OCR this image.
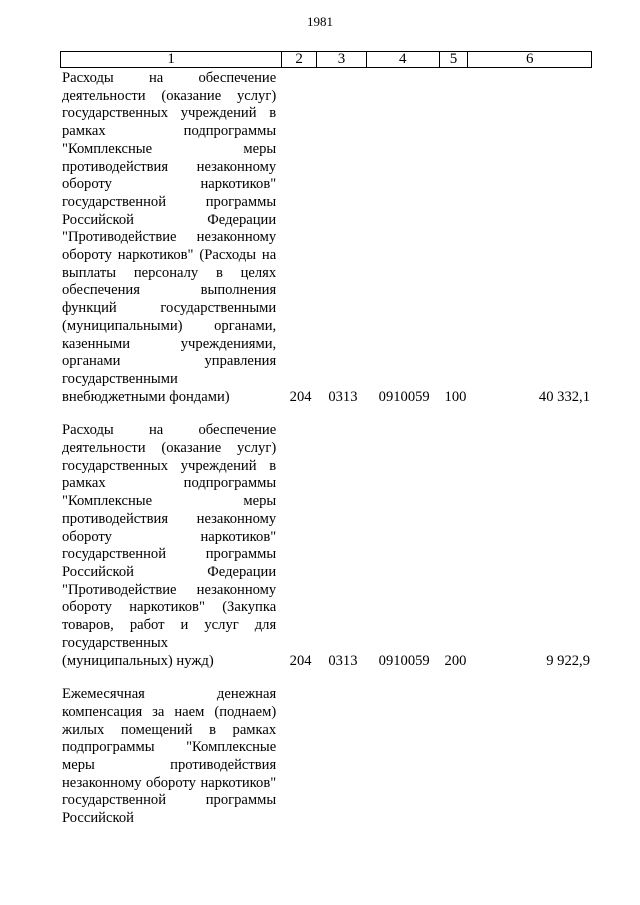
1981
1	2	3	4	5	6
Расходы на обеспечение деятельности (оказание услуг) государственных учреждений в рамках подпрограммы "Комплексные меры противодействия незаконному обороту наркотиков" государственной программы Российской Федерации "Противодействие незаконному обороту наркотиков" (Расходы на выплаты персоналу в целях обеспечения выполнения функций государственными (муниципальными) органами, казенными учреждениями, органами управления государственными внебюджетными фондами)	204	0313	0910059	100	40 332,1
Расходы на обеспечение деятельности (оказание услуг) государственных учреждений в рамках подпрограммы "Комплексные меры противодействия незаконному обороту наркотиков" государственной программы Российской Федерации "Противодействие незаконному обороту наркотиков" (Закупка товаров, работ и услуг для государственных (муниципальных) нужд)	204	0313	0910059	200	9 922,9
Ежемесячная денежная компенсация за наем (поднаем) жилых помещений в рамках подпрограммы "Комплексные меры противодействия незаконному обороту наркотиков" государственной программы Российской
